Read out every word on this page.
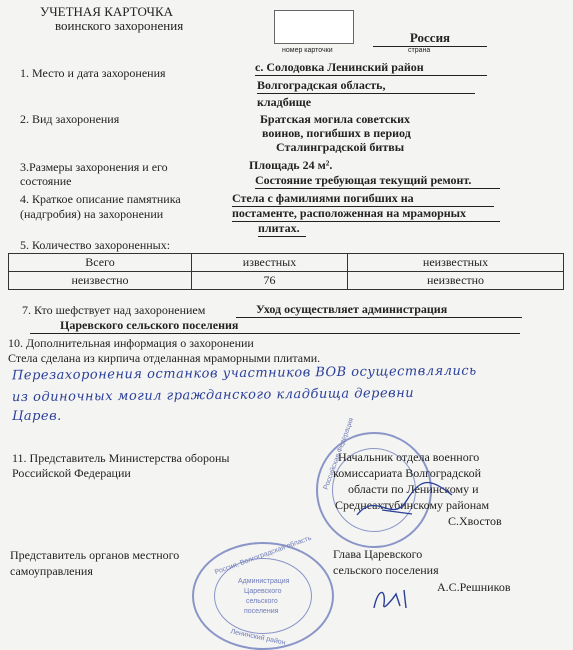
УЧЕТНАЯ КАРТОЧКА
воинского захоронения
номер карточки
Россия
страна
1. Место и дата захоронения	с. Солодовка Ленинский район
Волгоградская область,
кладбище
2. Вид захоронения	Братская могила советских
воинов, погибших в период
Сталинградской битвы
3.Размеры захоронения и его
состояние
Площадь 24 м².
Состояние требующая текущий ремонт.
4. Краткое описание памятника
(надгробия) на захоронении
Стела с фамилиями погибших на
постаменте, расположенная на мраморных
плитах.
5. Количество захороненных:
Всего	известных	неизвестных
неизвестно	76	неизвестно
7. Кто шефствует над захоронением	Уход осуществляет администрация
Царевского сельского поселения
10. Дополнительная информация о захоронении
Стела сделана из кирпича отделанная мраморными плитами.
Перезахоронения останков участников ВОВ осуществлялись
из одиночных могил гражданского кладбища деревни
Царев.
Российская Федерация
11. Представитель Министерства обороны
Российской Федерации
Начальник отдела военного
комиссариата Волгоградской
области по Ленинскому и
Среднеахтубинскому районам
С.Хвостов
Представитель органов местного
самоуправления	Россия, Волгоградская область
Администрация
Царевского
сельского
поселения
Ленинский район
Глава Царевского
сельского поселения
А.С.Решников
